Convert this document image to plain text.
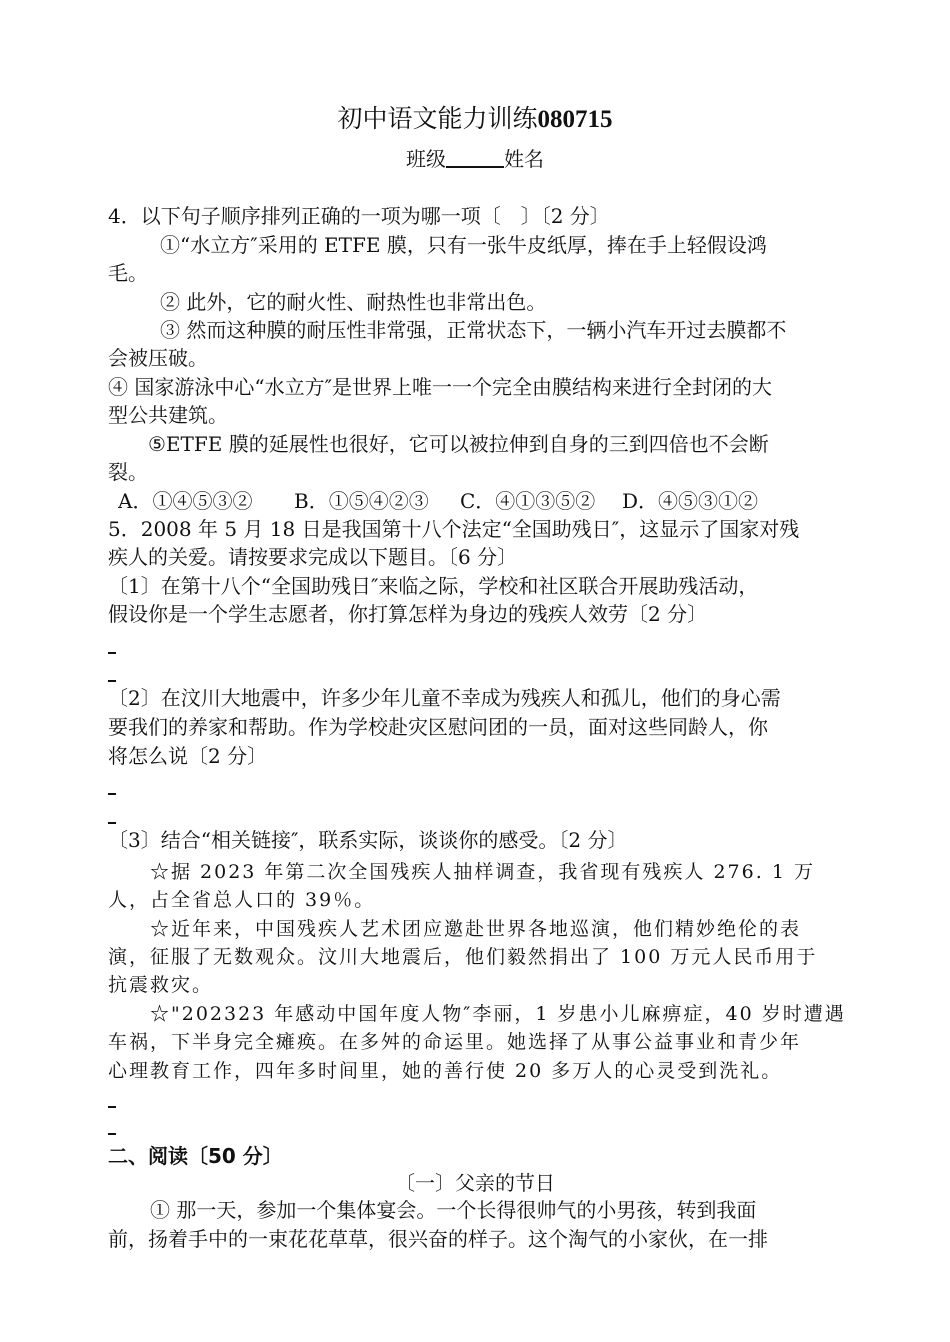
初中语文能力训练080715
班级	姓名
4．以下句子顺序排列正确的一项为哪一项〔　〕〔2 分〕
①“水立方″采用的 ETFE 膜，只有一张牛皮纸厚，捧在手上轻假设鸿
毛。
② 此外，它的耐火性、耐热性也非常出色。
③ 然而这种膜的耐压性非常强，正常状态下，一辆小汽车开过去膜都不
会被压破。
④ 国家游泳中心“水立方″是世界上唯一一个完全由膜结构来进行全封闭的大
型公共建筑。
⑤ETFE 膜的延展性也很好，它可以被拉伸到自身的三到四倍也不会断
裂。
A．①④⑤③② B．①⑤④②③ C．④①③⑤② D．④⑤③①②
5．2008 年 5 月 18 日是我国第十八个法定“全国助残日″，这显示了国家对残
疾人的关爱。请按要求完成以下题目。〔6 分〕
〔1〕在第十八个“全国助残日″来临之际，学校和社区联合开展助残活动，
假设你是一个学生志愿者，你打算怎样为身边的残疾人效劳〔2 分〕
〔2〕在汶川大地震中，许多少年儿童不幸成为残疾人和孤儿，他们的身心需
要我们的养家和帮助。作为学校赴灾区慰问团的一员，面对这些同龄人，你
将怎么说〔2 分〕
〔3〕结合“相关链接″，联系实际，谈谈你的感受。〔2 分〕
☆据 2023 年第二次全国残疾人抽样调查，我省现有残疾人 276. 1 万
人，占全省总人口的 39％。
☆近年来，中国残疾人艺术团应邀赴世界各地巡演，他们精妙绝伦的表
演，征服了无数观众。汶川大地震后，他们毅然捐出了 100 万元人民币用于
抗震救灾。
☆"202323 年感动中国年度人物″李丽，1 岁患小儿麻痹症，40 岁时遭遇
车祸，下半身完全瘫痪。在多舛的命运里。她选择了从事公益事业和青少年
心理教育工作，四年多时间里，她的善行使 20 多万人的心灵受到洗礼。
二、阅读〔50 分〕
〔一〕父亲的节日
① 那一天，参加一个集体宴会。一个长得很帅气的小男孩，转到我面
前，扬着手中的一束花花草草，很兴奋的样子。这个淘气的小家伙，在一排
